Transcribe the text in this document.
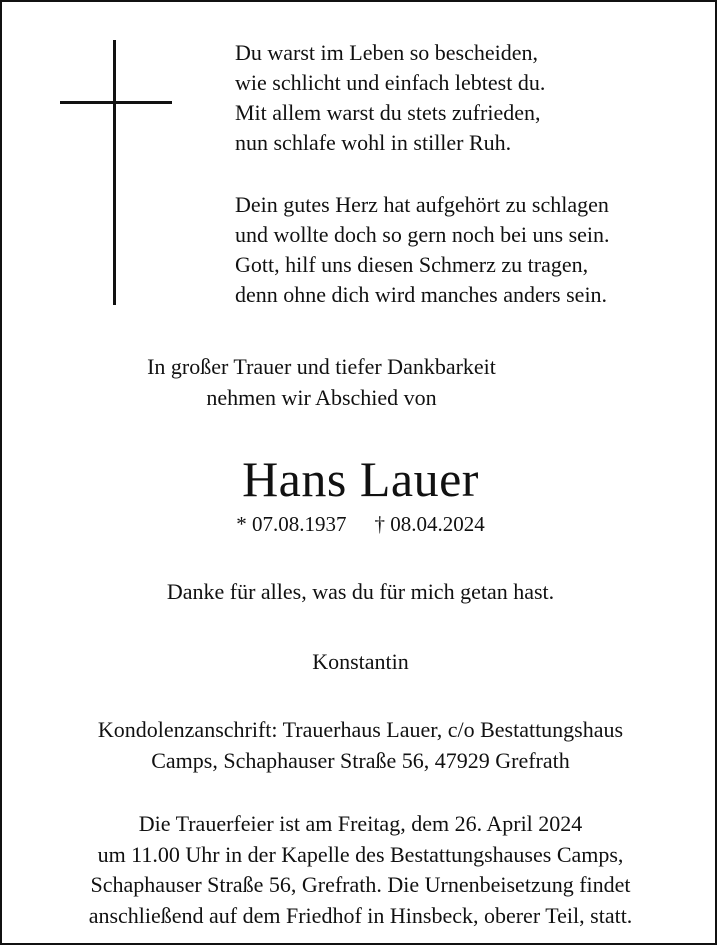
Du warst im Leben so bescheiden,
wie schlicht und einfach lebtest du.
Mit allem warst du stets zufrieden,
nun schlafe wohl in stiller Ruh.

Dein gutes Herz hat aufgehört zu schlagen
und wollte doch so gern noch bei uns sein.
Gott, hilf uns diesen Schmerz zu tragen,
denn ohne dich wird manches anders sein.

In großer Trauer und tiefer Dankbarkeit
nehmen wir Abschied von
Hans Lauer
* 07.08.1937 † 08.04.2024
Danke für alles, was du für mich getan hast.
Konstantin
Kondolenzanschrift: Trauerhaus Lauer, c/o Bestattungshaus
Camps, Schaphauser Straße 56, 47929 Grefrath
Die Trauerfeier ist am Freitag, dem 26. April 2024
um 11.00 Uhr in der Kapelle des Bestattungshauses Camps,
Schaphauser Straße 56, Grefrath. Die Urnenbeisetzung findet
anschließend auf dem Friedhof in Hinsbeck, oberer Teil, statt.
